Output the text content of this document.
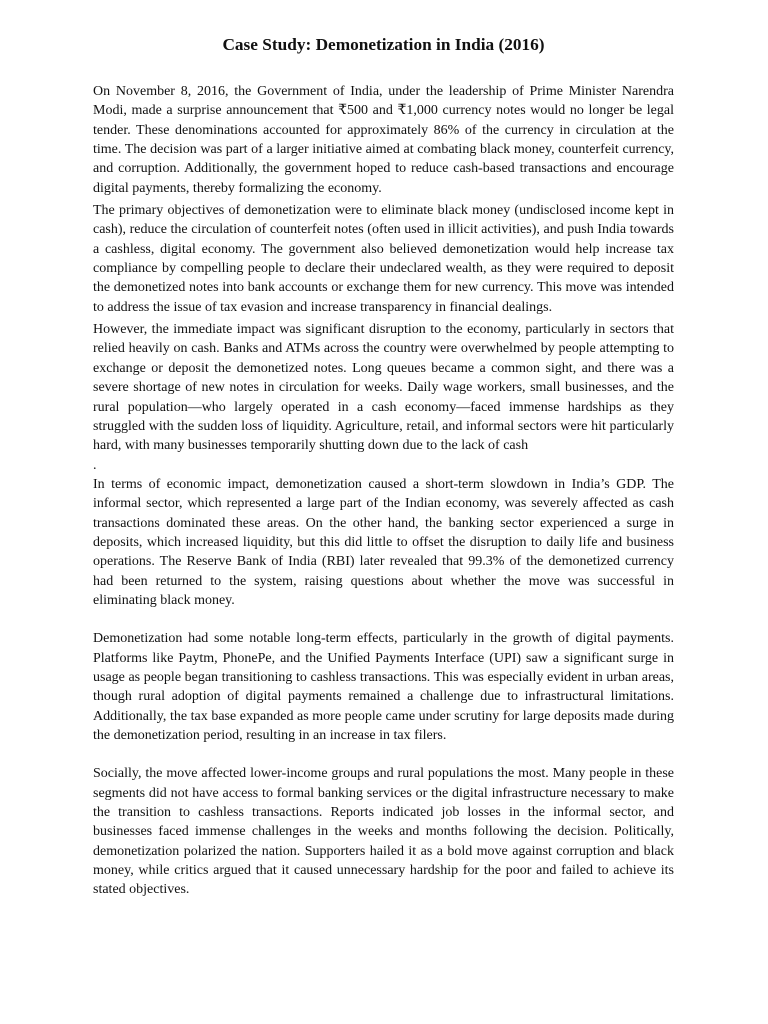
Case Study: Demonetization in India (2016)

On November 8, 2016, the Government of India, under the leadership of Prime Minister Narendra Modi, made a surprise announcement that ₹500 and ₹1,000 currency notes would no longer be legal tender. These denominations accounted for approximately 86% of the currency in circulation at the time. The decision was part of a larger initiative aimed at combating black money, counterfeit currency, and corruption. Additionally, the government hoped to reduce cash-based transactions and encourage digital payments, thereby formalizing the economy.

The primary objectives of demonetization were to eliminate black money (undisclosed income kept in cash), reduce the circulation of counterfeit notes (often used in illicit activities), and push India towards a cashless, digital economy. The government also believed demonetization would help increase tax compliance by compelling people to declare their undeclared wealth, as they were required to deposit the demonetized notes into bank accounts or exchange them for new currency. This move was intended to address the issue of tax evasion and increase transparency in financial dealings.

However, the immediate impact was significant disruption to the economy, particularly in sectors that relied heavily on cash. Banks and ATMs across the country were overwhelmed by people attempting to exchange or deposit the demonetized notes. Long queues became a common sight, and there was a severe shortage of new notes in circulation for weeks. Daily wage workers, small businesses, and the rural population—who largely operated in a cash economy—faced immense hardships as they struggled with the sudden loss of liquidity. Agriculture, retail, and informal sectors were hit particularly hard, with many businesses temporarily shutting down due to the lack of cash

.

In terms of economic impact, demonetization caused a short-term slowdown in India’s GDP. The informal sector, which represented a large part of the Indian economy, was severely affected as cash transactions dominated these areas. On the other hand, the banking sector experienced a surge in deposits, which increased liquidity, but this did little to offset the disruption to daily life and business operations. The Reserve Bank of India (RBI) later revealed that 99.3% of the demonetized currency had been returned to the system, raising questions about whether the move was successful in eliminating black money.

Demonetization had some notable long-term effects, particularly in the growth of digital payments. Platforms like Paytm, PhonePe, and the Unified Payments Interface (UPI) saw a significant surge in usage as people began transitioning to cashless transactions. This was especially evident in urban areas, though rural adoption of digital payments remained a challenge due to infrastructural limitations. Additionally, the tax base expanded as more people came under scrutiny for large deposits made during the demonetization period, resulting in an increase in tax filers.

Socially, the move affected lower-income groups and rural populations the most. Many people in these segments did not have access to formal banking services or the digital infrastructure necessary to make the transition to cashless transactions. Reports indicated job losses in the informal sector, and businesses faced immense challenges in the weeks and months following the decision. Politically, demonetization polarized the nation. Supporters hailed it as a bold move against corruption and black money, while critics argued that it caused unnecessary hardship for the poor and failed to achieve its stated objectives.
